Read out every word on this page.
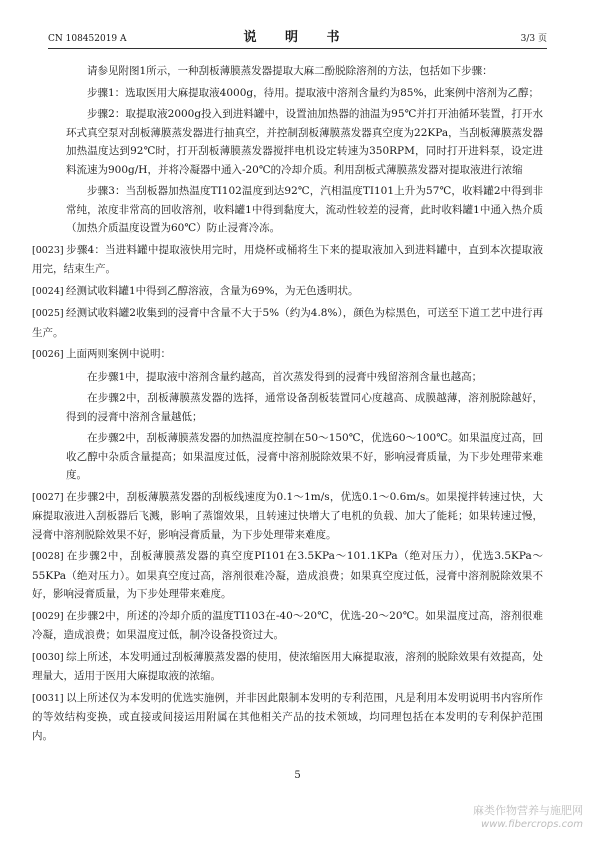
CN 108452019 A	说 明 书	3/3 页

请参见附图1所示，一种刮板薄膜蒸发器提取大麻二酚脱除溶剂的方法，包括如下步骤：

步骤1：选取医用大麻提取液4000g，待用。提取液中溶剂含量约为85%，此案例中溶剂为乙醇；

步骤2：取提取液2000g投入到进料罐中，设置油加热器的油温为95℃并打开油循环装置，打开水环式真空泵对刮板薄膜蒸发器进行抽真空，并控制刮板薄膜蒸发器真空度为22KPa，当刮板薄膜蒸发器加热温度达到92℃时，打开刮板薄膜蒸发器搅拌电机设定转速为350RPM，同时打开进料泵，设定进料流速为900g/H，并将冷凝器中通入-20℃的冷却介质。利用刮板式薄膜蒸发器对提取液进行浓缩

步骤3：当刮板器加热温度TI102温度到达92℃，汽相温度TI101上升为57℃，收料罐2中得到非常纯，浓度非常高的回收溶剂，收料罐1中得到黏度大，流动性较差的浸膏，此时收料罐1中通入热介质（加热介质温度设置为60℃）防止浸膏冷冻。

[0023] 步骤4：当进料罐中提取液快用完时，用烧杯或桶将生下来的提取液加入到进料罐中，直到本次提取液用完，结束生产。

[0024] 经测试收料罐1中得到乙醇溶液，含量为69%，为无色透明状。

[0025] 经测试收料罐2收集到的浸膏中含量不大于5%（约为4.8%），颜色为棕黑色，可送至下道工艺中进行再生产。

[0026] 上面两则案例中说明：

在步骤1中，提取液中溶剂含量约越高，首次蒸发得到的浸膏中残留溶剂含量也越高；

在步骤2中，刮板薄膜蒸发器的选择，通常设备刮板装置同心度越高、成膜越薄，溶剂脱除越好，得到的浸膏中溶剂含量越低；

在步骤2中，刮板薄膜蒸发器的加热温度控制在50～150℃，优选60～100℃。如果温度过高，回收乙醇中杂质含量提高；如果温度过低，浸膏中溶剂脱除效果不好，影响浸膏质量，为下步处理带来难度。

[0027] 在步骤2中，刮板薄膜蒸发器的刮板线速度为0.1～1m/s，优选0.1～0.6m/s。如果搅拌转速过快，大麻提取液进入刮板器后飞溅，影响了蒸馏效果，且转速过快增大了电机的负载、加大了能耗；如果转速过慢，浸膏中溶剂脱除效果不好，影响浸膏质量，为下步处理带来难度。

[0028] 在步骤2中，刮板薄膜蒸发器的真空度PI101在3.5KPa～101.1KPa（绝对压力），优选3.5KPa～55KPa（绝对压力）。如果真空度过高，溶剂很难冷凝，造成浪费；如果真空度过低，浸膏中溶剂脱除效果不好，影响浸膏质量，为下步处理带来难度。

[0029] 在步骤2中，所述的冷却介质的温度TI103在-40～20℃，优选-20～20℃。如果温度过高，溶剂很难冷凝，造成浪费；如果温度过低，制冷设备投资过大。

[0030] 综上所述，本发明通过刮板薄膜蒸发器的使用，使浓缩医用大麻提取液，溶剂的脱除效果有效提高，处理量大，适用于医用大麻提取液的浓缩。

[0031] 以上所述仅为本发明的优选实施例，并非因此限制本发明的专利范围，凡是利用本发明说明书内容所作的等效结构变换，或直接或间接运用附属在其他相关产品的技术领域，均同理包括在本发明的专利保护范围内。

5
麻类作物营养与施肥网
www.fibercrops.com
